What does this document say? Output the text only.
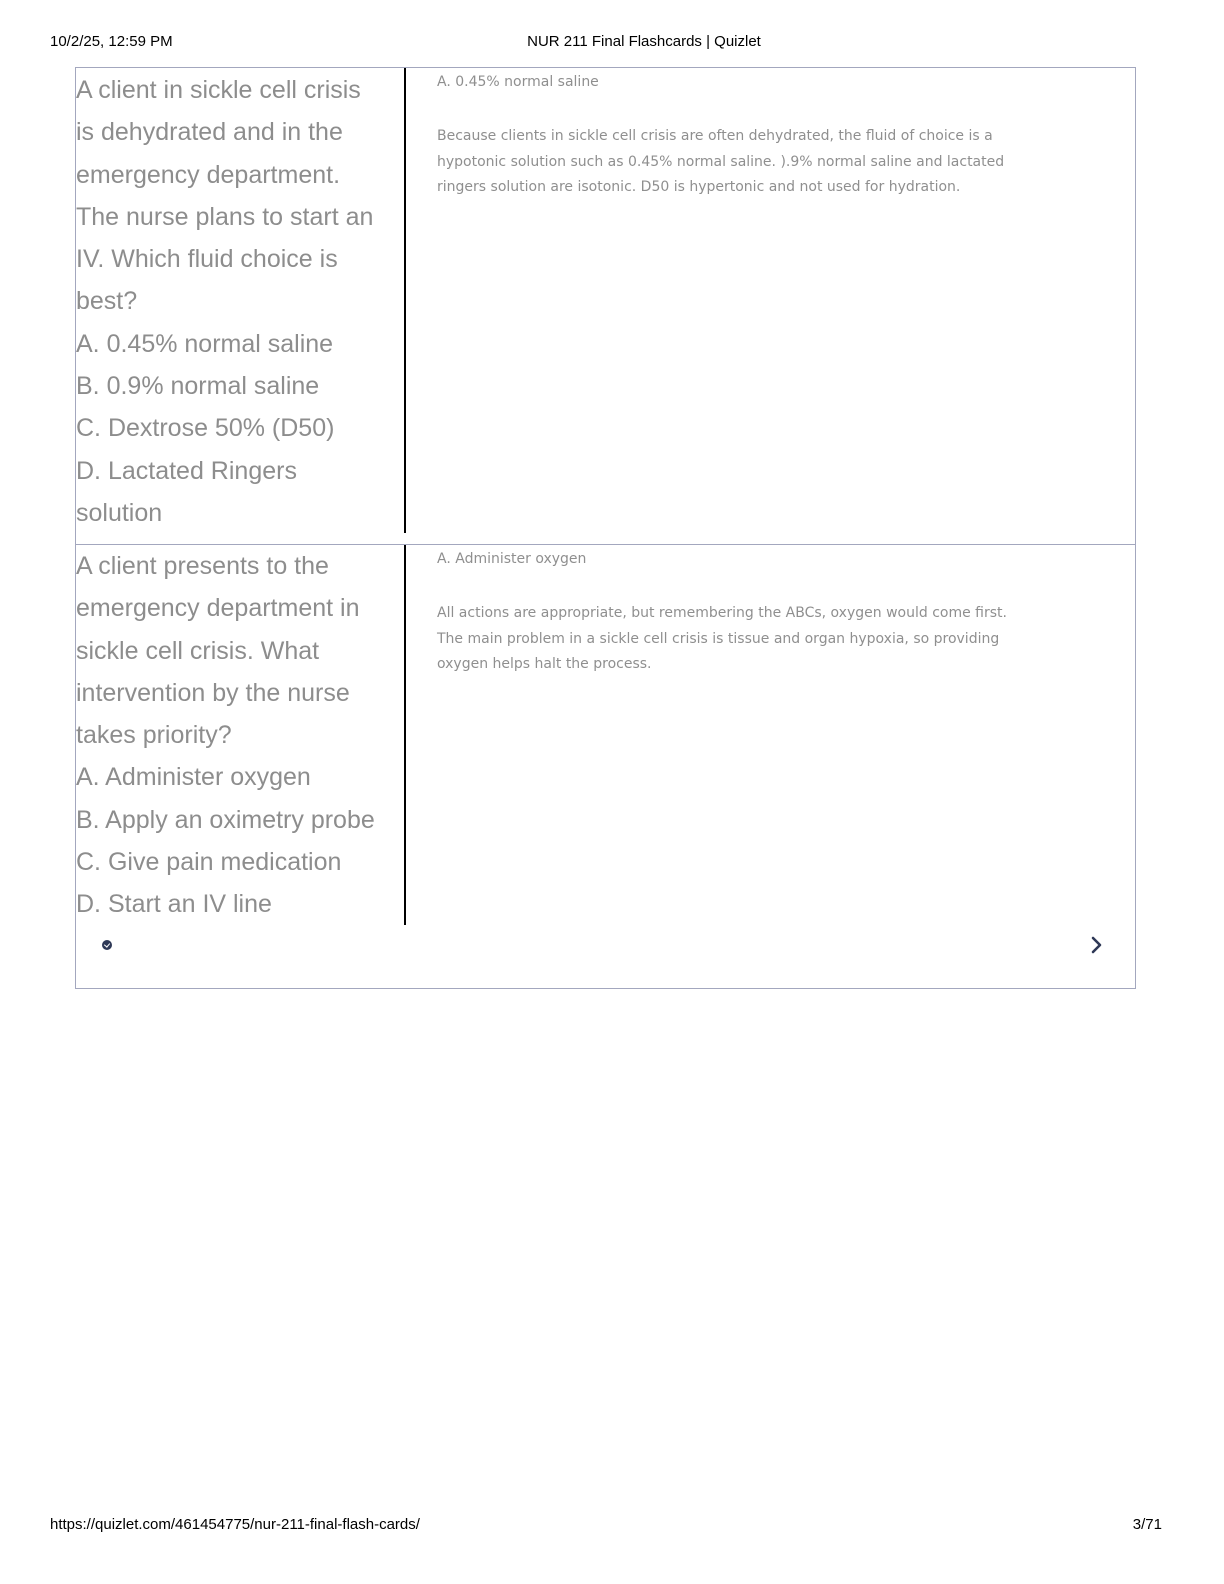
10/2/25, 12:59 PM	NUR 211 Final Flashcards | Quizlet
A client in sickle cell crisis
is dehydrated and in the
emergency department.
The nurse plans to start an
IV. Which fluid choice is
best?
A. 0.45% normal saline
B. 0.9% normal saline
C. Dextrose 50% (D50)
D. Lactated Ringers
solution

A. 0.45% normal saline

Because clients in sickle cell crisis are often dehydrated, the fluid of choice is a
hypotonic solution such as 0.45% normal saline. ).9% normal saline and lactated
ringers solution are isotonic. D50 is hypertonic and not used for hydration.

A client presents to the
emergency department in
sickle cell crisis. What
intervention by the nurse
takes priority?
A. Administer oxygen
B. Apply an oximetry probe
C. Give pain medication
D. Start an IV line

A. Administer oxygen

All actions are appropriate, but remembering the ABCs, oxygen would come first.
The main problem in a sickle cell crisis is tissue and organ hypoxia, so providing
oxygen helps halt the process.

https://quizlet.com/461454775/nur-211-final-flash-cards/	3/71
